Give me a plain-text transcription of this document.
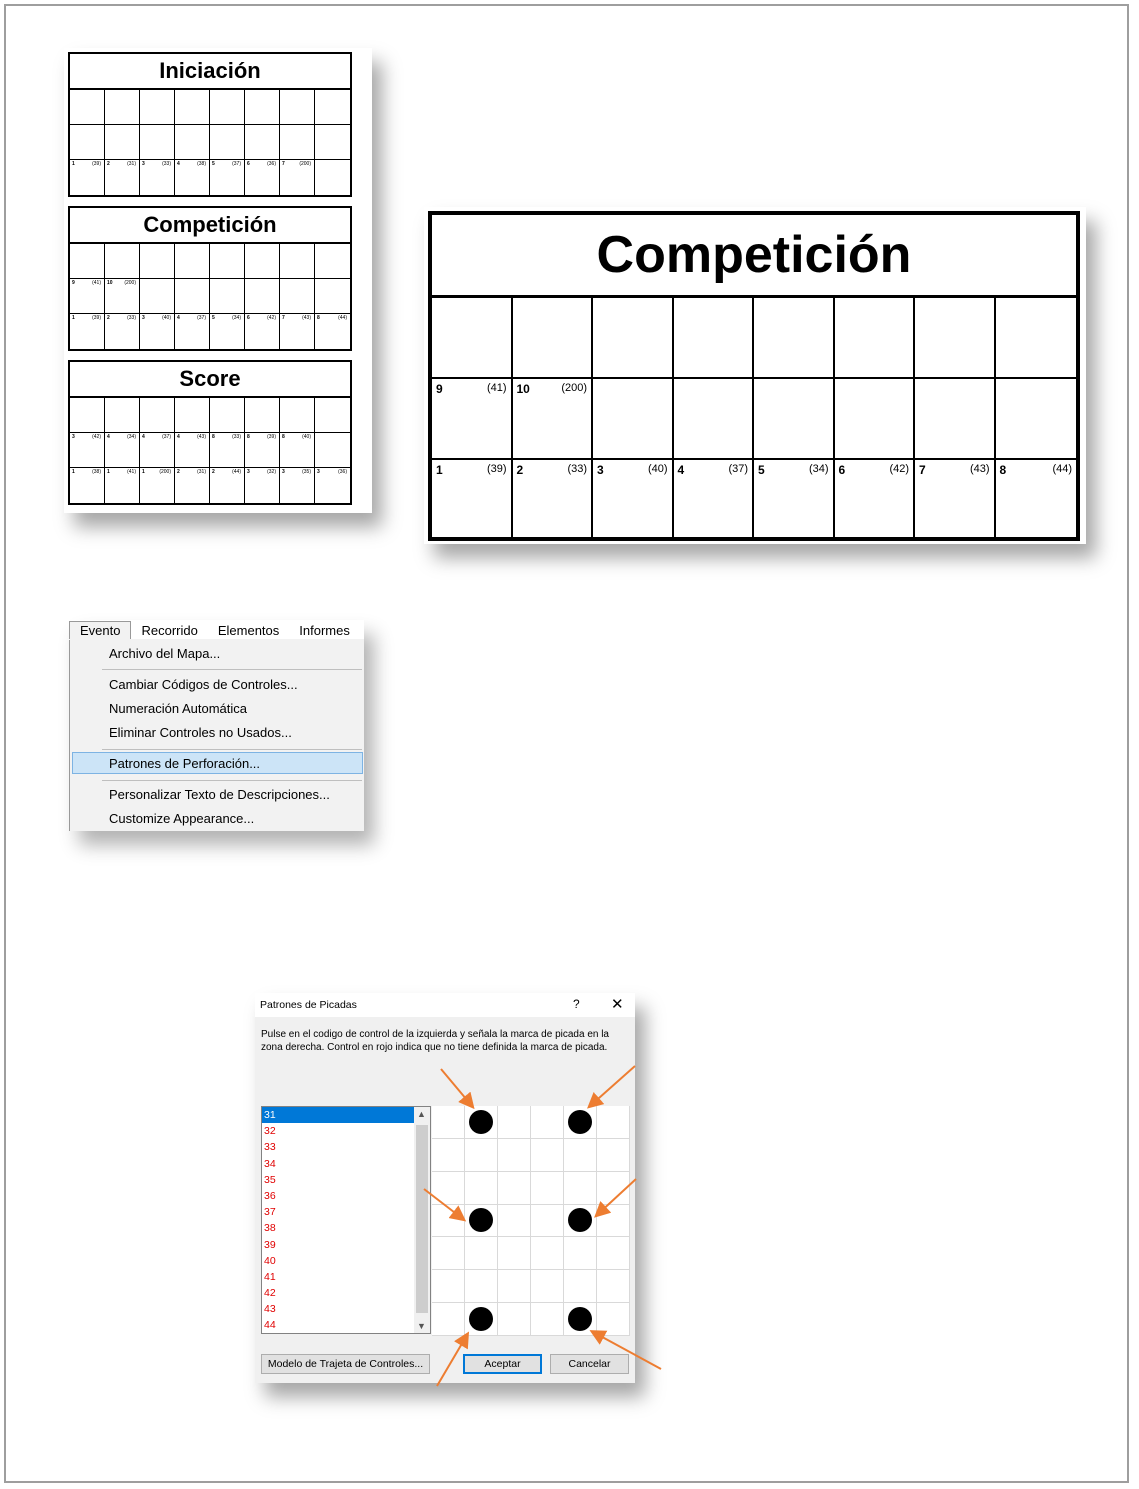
Iniciación
1	(39) 2	(31) 3	(33) 4	(38) 5	(37) 6	(36) 7	(200)
Competición
9	(41) 10 (200)
1	(39) 2	(33) 3	(40) 4	(37) 5	(34) 6	(42) 7	(43) 8	(44)
Score
3	(42) 4	(34) 4	(37) 4	(43) 8	(33) 8	(39) 8	(40)
1	(38) 1	(41) 1	(200) 2	(31) 2	(44) 3	(32) 3	(35) 3	(36)
Competición
9	(41) 10	(200)
1	(39) 2	(33) 3	(40) 4	(37) 5	(34) 6	(42) 7	(43) 8	(44)
Evento	Recorrido	Elementos	Informes
Archivo del Mapa...
Cambiar Códigos de Controles...
Numeración Automática
Eliminar Controles no Usados...
Patrones de Perforación...
Personalizar Texto de Descripciones...
Customize Appearance...
Patrones de Picadas	? ✕
Pulse en el codigo de control de la izquierda y señala la marca de picada en la zona derecha. Control en rojo indica que no tiene definida la marca de picada.
31
32
33
34
35
36
37
38
39
40
41
42
43
44
▲
▼
Modelo de Trajeta de Controles...	Aceptar	Cancelar
